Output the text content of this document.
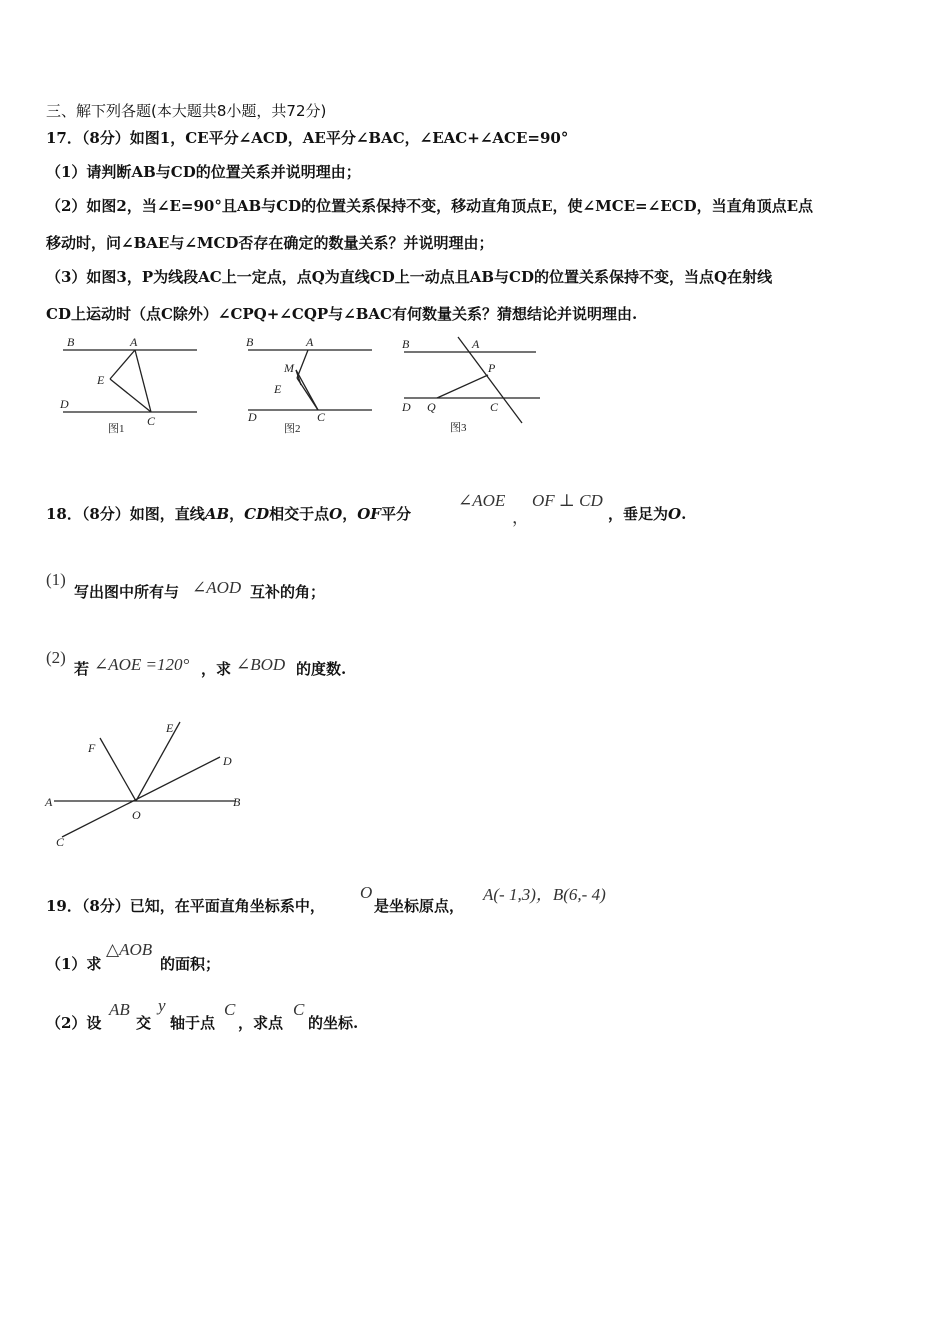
三、解下列各题(本大题共8小题，共72分)
17．（8分）如图1，CE平分∠ACD，AE平分∠BAC，∠EAC+∠ACE=90°
（1）请判断AB与CD的位置关系并说明理由；
（2）如图2，当∠E=90°且AB与CD的位置关系保持不变，移动直角顶点E，使∠MCE=∠ECD，当直角顶点E点
移动时，问∠BAE与∠MCD否存在确定的数量关系？并说明理由；
（3）如图3，P为线段AC上一定点，点Q为直线CD上一动点且AB与CD的位置关系保持不变，当点Q在射线
CD上运动时（点C除外）∠CPQ+∠CQP与∠BAC有何数量关系？猜想结论并说明理由.
B	A
E
D
C
图1
B	A
M
E
D	C
图2
B	A
P
D Q	C
图3
18．（8分）如图，直线AB，CD相交于点O，OF平分
∠AOE
，
OF ⊥ CD
，垂足为O.
(1)
写出图中所有与 ∠AOD 互补的角；
(2)
若 ∠AOE =120° ，求 ∠BOD 的度数.
F
E
D
A
O
B
C
19．（8分）已知，在平面直角坐标系中，
O
是坐标原点，
A(- 1,3)，B(6,- 4)
（1）求
△AOB
的面积；
（2）设
AB
交
y
轴于点
C
，求点
C
的坐标.
